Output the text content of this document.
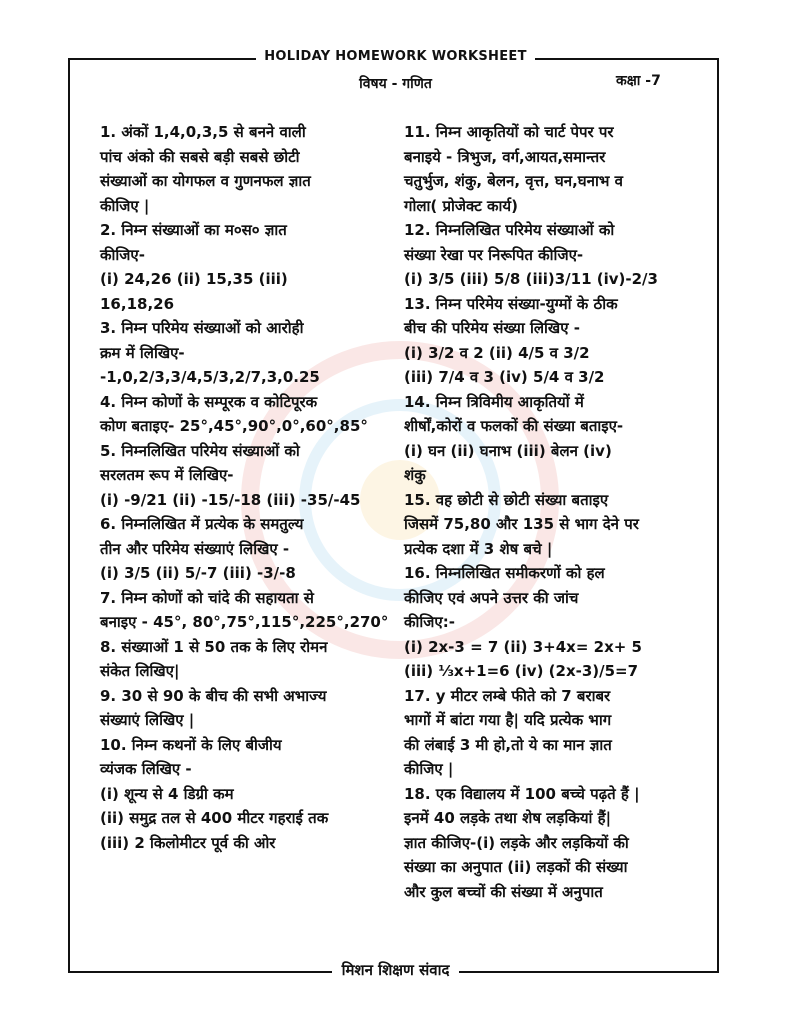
HOLIDAY HOMEWORK WORKSHEET
विषय - गणित	कक्षा -7

1. अंकों 1,4,0,3,5 से बनने वाली

पांच अंको की सबसे बड़ी सबसे छोटी

संख्याओं का योगफल व गुणनफल ज्ञात

कीजिए |

2. निम्न संख्याओं का म०स० ज्ञात

कीजिए-

(i) 24,26 (ii) 15,35 (iii)

16,18,26

3. निम्न परिमेय संख्याओं को आरोही

क्रम में लिखिए-

-1,0,2/3,3/4,5/3,2/7,3,0.25

4. निम्न कोणों के सम्पूरक व कोटिपूरक

कोण बताइए- 25°,45°,90°,0°,60°,85°

5. निम्नलिखित परिमेय संख्याओं को

सरलतम रूप में लिखिए-

(i) -9/21 (ii) -15/-18 (iii) -35/-45

6. निम्नलिखित में प्रत्येक के समतुल्य

तीन और परिमेय संख्याएं लिखिए -

(i) 3/5 (ii) 5/-7 (iii) -3/-8

7. निम्न कोणों को चांदे की सहायता से

बनाइए - 45°, 80°,75°,115°,225°,270°

8. संख्याओं 1 से 50 तक के लिए रोमन

संकेत लिखिए|

9. 30 से 90 के बीच की सभी अभाज्य

संख्याएं लिखिए |

10. निम्न कथनों के लिए बीजीय

व्यंजक लिखिए -

(i) शून्य से 4 डिग्री कम

(ii) समुद्र तल से 400 मीटर गहराई तक

(iii) 2 किलोमीटर पूर्व की ओर

11. निम्न आकृतियों को चार्ट पेपर पर

बनाइये - त्रिभुज, वर्ग,आयत,समान्तर

चतुर्भुज, शंकु, बेलन, वृत्त, घन,घनाभ व

गोला( प्रोजेक्ट कार्य)

12. निम्नलिखित परिमेय संख्याओं को

संख्या रेखा पर निरूपित कीजिए-

(i) 3/5 (iii) 5/8 (iii)3/11 (iv)-2/3

13. निम्न परिमेय संख्या-युग्मों के ठीक

बीच की परिमेय संख्या लिखिए -

(i) 3/2 व 2 (ii) 4/5 व 3/2

(iii) 7/4 व 3 (iv) 5/4 व 3/2

14. निम्न त्रिविमीय आकृतियों में

शीर्षों,कोरों व फलकों की संख्या बताइए-

(i) घन (ii) घनाभ (iii) बेलन (iv)

शंकु

15. वह छोटी से छोटी संख्या बताइए

जिसमें 75,80 और 135 से भाग देने पर

प्रत्येक दशा में 3 शेष बचे |

16. निम्नलिखित समीकरणों को हल

कीजिए एवं अपने उत्तर की जांच

कीजिए:-

(i) 2x-3 = 7 (ii) 3+4x= 2x+ 5

(iii) ⅓x+1=6 (iv) (2x-3)/5=7

17. y मीटर लम्बे फीते को 7 बराबर

भागों में बांटा गया है| यदि प्रत्येक भाग

की लंबाई 3 मी हो,तो ये का मान ज्ञात

कीजिए |

18. एक विद्यालय में 100 बच्चे पढ़ते हैं |

इनमें 40 लड़के तथा शेष लड़कियां हैं|

ज्ञात कीजिए-(i) लड़के और लड़कियों की

संख्या का अनुपात (ii) लड़कों की संख्या

और कुल बच्चों की संख्या में अनुपात

मिशन शिक्षण संवाद
